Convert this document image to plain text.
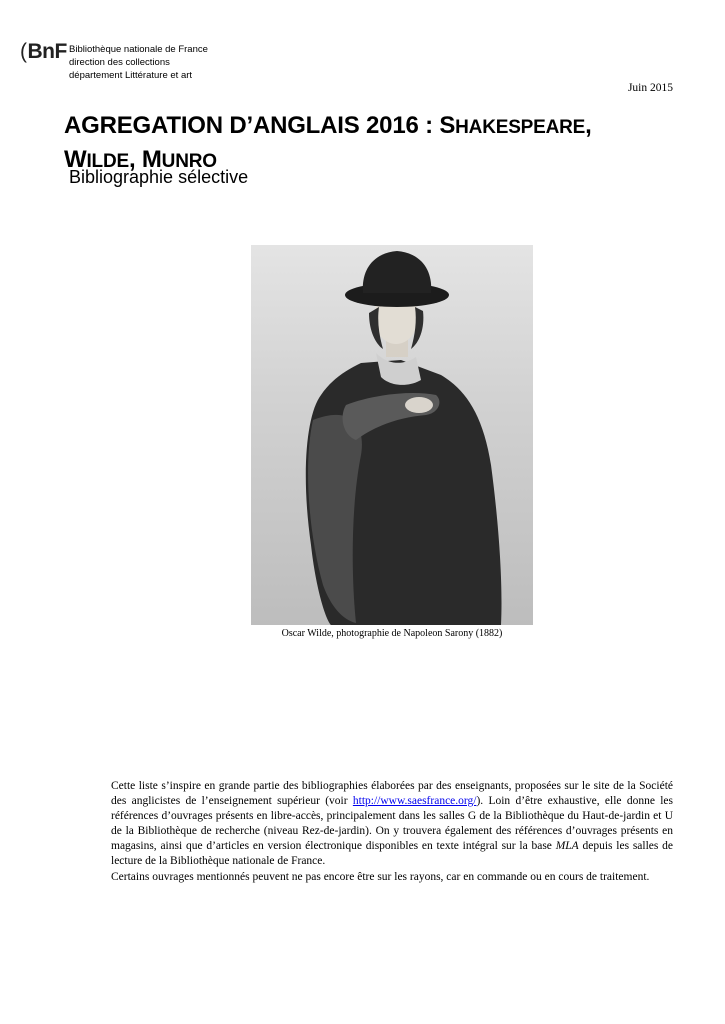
(BnF Bibliothèque nationale de France
direction des collections
département Littérature et art
Juin 2015
AGREGATION D’ANGLAIS 2016 : SHAKESPEARE,
WILDE, MUNRO
Bibliographie sélective
Oscar Wilde, photographie de Napoleon Sarony (1882)

Cette liste s’inspire en grande partie des bibliographies élaborées par des enseignants, proposées sur le site de la Société des anglicistes de l’enseignement supérieur (voir http://www.saesfrance.org/). Loin d’être exhaustive, elle donne les références d’ouvrages présents en libre-accès, principalement dans les salles G de la Bibliothèque du Haut-de-jardin et U de la Bibliothèque de recherche (niveau Rez-de-jardin). On y trouvera également des références d’ouvrages présents en magasins, ainsi que d’articles en version électronique disponibles en texte intégral sur la base MLA depuis les salles de lecture de la Bibliothèque nationale de France.

Certains ouvrages mentionnés peuvent ne pas encore être sur les rayons, car en commande ou en cours de traitement.
